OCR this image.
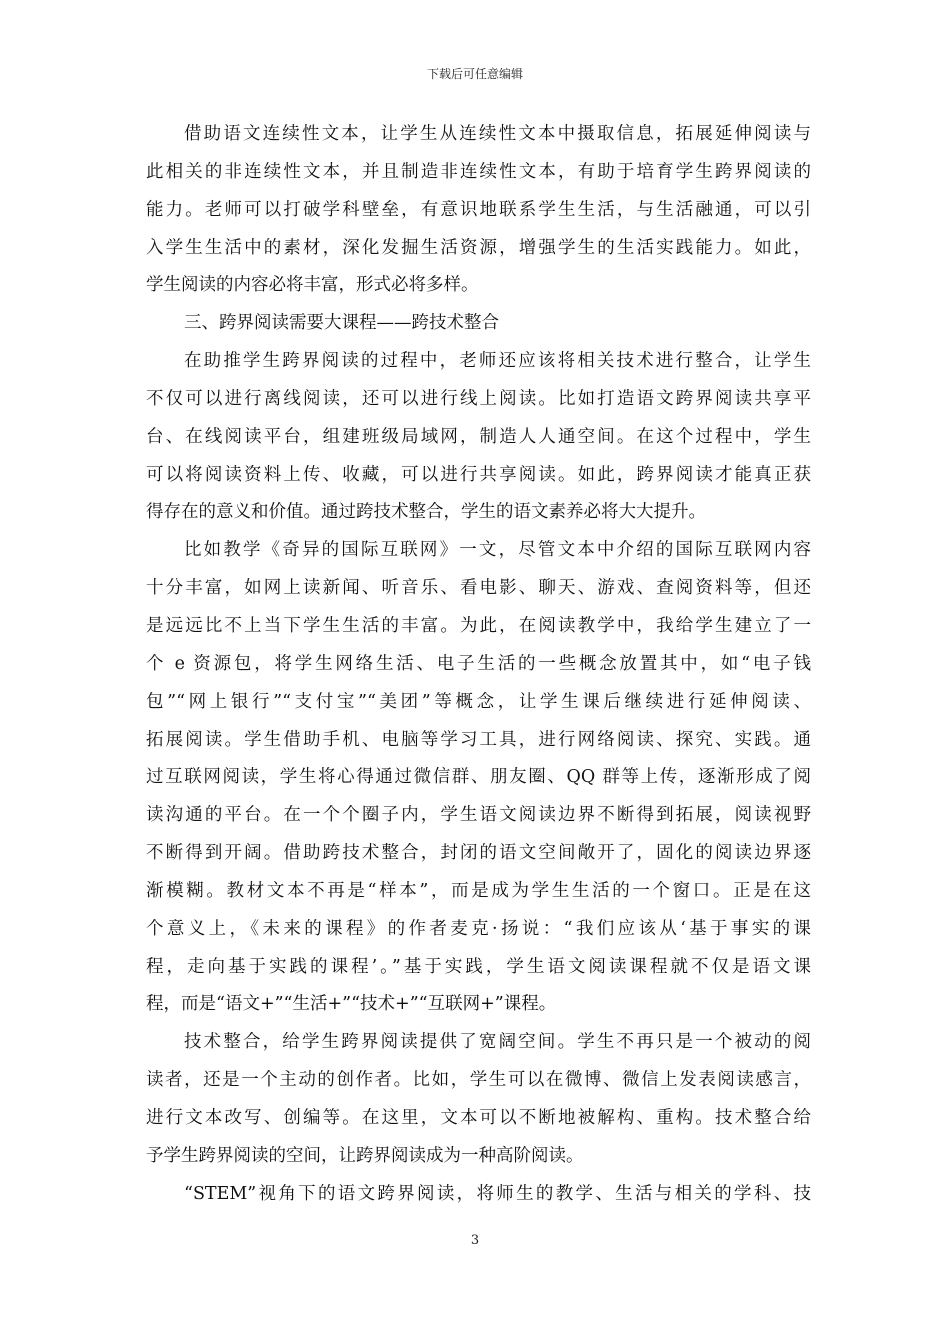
下载后可任意编辑
借助语文连续性文本，让学生从连续性文本中摄取信息，拓展延伸阅读与
此相关的非连续性文本，并且制造非连续性文本，有助于培育学生跨界阅读的
能力。老师可以打破学科壁垒，有意识地联系学生生活，与生活融通，可以引
入学生生活中的素材，深化发掘生活资源，增强学生的生活实践能力。如此，
学生阅读的内容必将丰富，形式必将多样。
三、跨界阅读需要大课程——跨技术整合
在助推学生跨界阅读的过程中，老师还应该将相关技术进行整合，让学生
不仅可以进行离线阅读，还可以进行线上阅读。比如打造语文跨界阅读共享平
台、在线阅读平台，组建班级局域网，制造人人通空间。在这个过程中，学生
可以将阅读资料上传、收藏，可以进行共享阅读。如此，跨界阅读才能真正获
得存在的意义和价值。通过跨技术整合，学生的语文素养必将大大提升。
比如教学《奇异的国际互联网》一文，尽管文本中介绍的国际互联网内容
十分丰富，如网上读新闻、听音乐、看电影、聊天、游戏、查阅资料等，但还
是远远比不上当下学生生活的丰富。为此，在阅读教学中，我给学生建立了一
个 e 资源包，将学生网络生活、电子生活的一些概念放置其中，如“电子钱
包”“网上银行”“支付宝”“美团”等概念，让学生课后继续进行延伸阅读、
拓展阅读。学生借助手机、电脑等学习工具，进行网络阅读、探究、实践。通
过互联网阅读，学生将心得通过微信群、朋友圈、QQ 群等上传，逐渐形成了阅
读沟通的平台。在一个个圈子内，学生语文阅读边界不断得到拓展，阅读视野
不断得到开阔。借助跨技术整合，封闭的语文空间敞开了，固化的阅读边界逐
渐模糊。教材文本不再是“样本”，而是成为学生生活的一个窗口。正是在这
个意义上，《未来的课程》的作者麦克·扬说：“我们应该从‘基于事实的课
程，走向基于实践的课程’。”基于实践，学生语文阅读课程就不仅是语文课
程，而是“语文+”“生活+”“技术+”“互联网+”课程。
技术整合，给学生跨界阅读提供了宽阔空间。学生不再只是一个被动的阅
读者，还是一个主动的创作者。比如，学生可以在微博、微信上发表阅读感言，
进行文本改写、创编等。在这里，文本可以不断地被解构、重构。技术整合给
予学生跨界阅读的空间，让跨界阅读成为一种高阶阅读。
“STEM”视角下的语文跨界阅读，将师生的教学、生活与相关的学科、技
3
